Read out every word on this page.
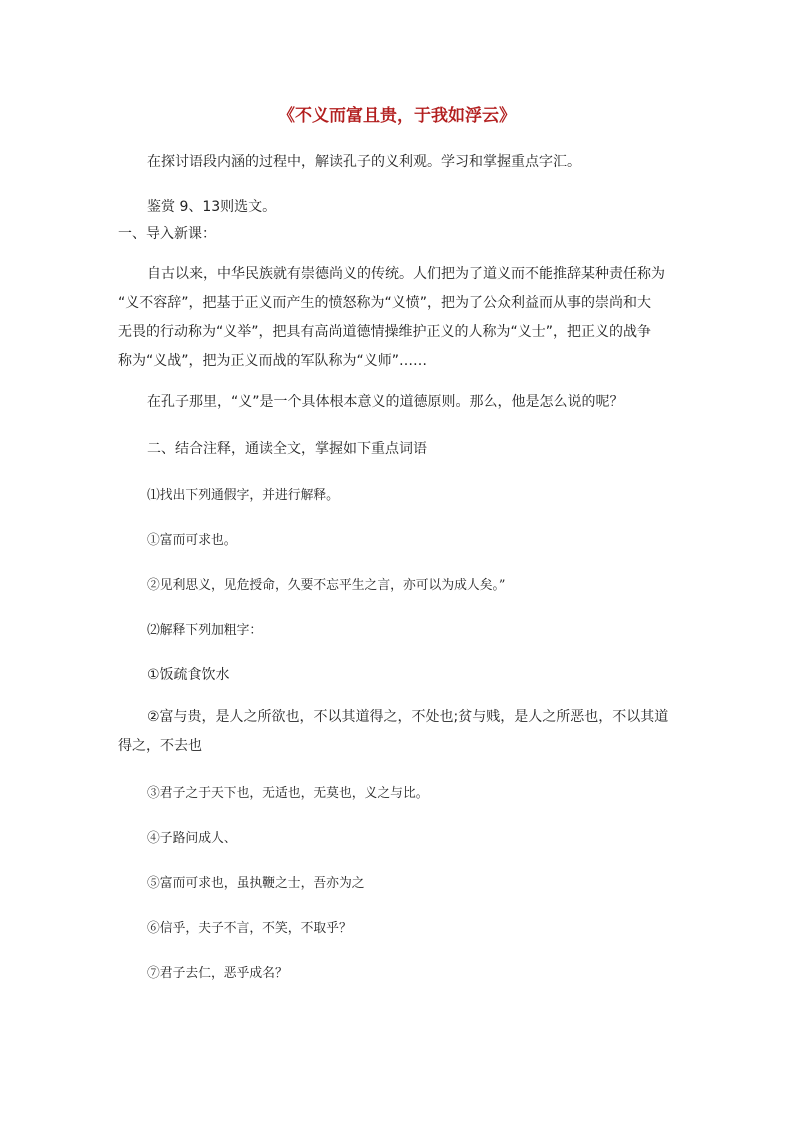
《不义而富且贵，于我如浮云》

在探讨语段内涵的过程中，解读孔子的义利观。学习和掌握重点字汇。

鉴赏 9、13则选文。

一、导入新课：

自古以来，中华民族就有崇德尚义的传统。人们把为了道义而不能推辞某种责任称为
“义不容辞”，把基于正义而产生的愤怒称为“义愤”，把为了公众利益而从事的崇尚和大
无畏的行动称为“义举”，把具有高尚道德情操维护正义的人称为“义士”，把正义的战争
称为“义战”，把为正义而战的军队称为“义师”……

在孔子那里，“义”是一个具体根本意义的道德原则。那么，他是怎么说的呢？

二、结合注释，通读全文，掌握如下重点词语

⑴找出下列通假字，并进行解释。

①富而可求也。

②见利思义，见危授命，久要不忘平生之言，亦可以为成人矣。”

⑵解释下列加粗字：

①饭疏食饮水

②富与贵，是人之所欲也，不以其道得之，不处也;贫与贱，是人之所恶也，不以其道
得之，不去也

③君子之于天下也，无适也，无莫也，义之与比。

④子路问成人、

⑤富而可求也，虽执鞭之士，吾亦为之

⑥信乎，夫子不言，不笑，不取乎？

⑦君子去仁，恶乎成名？
